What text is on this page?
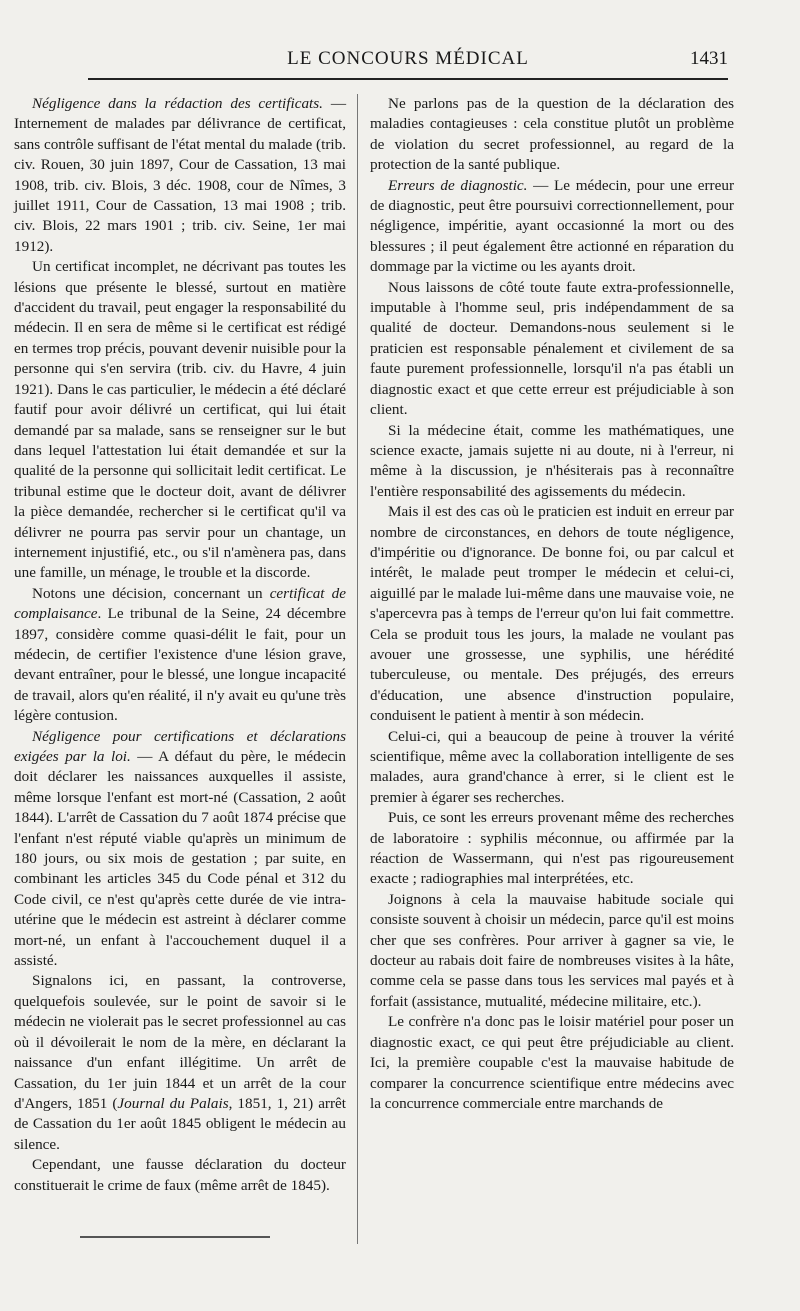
LE CONCOURS MÉDICAL	1431

Négligence dans la rédaction des certificats. — Internement de malades par délivrance de certificat, sans contrôle suffisant de l'état mental du malade (trib. civ. Rouen, 30 juin 1897, Cour de Cassation, 13 mai 1908, trib. civ. Blois, 3 déc. 1908, cour de Nîmes, 3 juillet 1911, Cour de Cassation, 13 mai 1908 ; trib. civ. Blois, 22 mars 1901 ; trib. civ. Seine, 1er mai 1912).

Un certificat incomplet, ne décrivant pas toutes les lésions que présente le blessé, surtout en matière d'accident du travail, peut engager la responsabilité du médecin. Il en sera de même si le certificat est rédigé en termes trop précis, pouvant devenir nuisible pour la personne qui s'en servira (trib. civ. du Havre, 4 juin 1921). Dans le cas particulier, le médecin a été déclaré fautif pour avoir délivré un certificat, qui lui était demandé par sa malade, sans se renseigner sur le but dans lequel l'attestation lui était demandée et sur la qualité de la personne qui sollicitait ledit certificat. Le tribunal estime que le docteur doit, avant de délivrer la pièce demandée, rechercher si le certificat qu'il va délivrer ne pourra pas servir pour un chantage, un internement injustifié, etc., ou s'il n'amènera pas, dans une famille, un ménage, le trouble et la discorde.

Notons une décision, concernant un certificat de complaisance. Le tribunal de la Seine, 24 décembre 1897, considère comme quasi-délit le fait, pour un médecin, de certifier l'existence d'une lésion grave, devant entraîner, pour le blessé, une longue incapacité de travail, alors qu'en réalité, il n'y avait eu qu'une très légère contusion.

Négligence pour certifications et déclarations exigées par la loi. — A défaut du père, le médecin doit déclarer les naissances auxquelles il assiste, même lorsque l'enfant est mort-né (Cassation, 2 août 1844). L'arrêt de Cassation du 7 août 1874 précise que l'enfant n'est réputé viable qu'après un minimum de 180 jours, ou six mois de gestation ; par suite, en combinant les articles 345 du Code pénal et 312 du Code civil, ce n'est qu'après cette durée de vie intra-utérine que le médecin est astreint à déclarer comme mort-né, un enfant à l'accouchement duquel il a assisté.

Signalons ici, en passant, la controverse, quelquefois soulevée, sur le point de savoir si le médecin ne violerait pas le secret professionnel au cas où il dévoilerait le nom de la mère, en déclarant la naissance d'un enfant illégitime. Un arrêt de Cassation, du 1er juin 1844 et un arrêt de la cour d'Angers, 1851 (Journal du Palais, 1851, 1, 21) arrêt de Cassation du 1er août 1845 obligent le médecin au silence.

Cependant, une fausse déclaration du docteur constituerait le crime de faux (même arrêt de 1845).

Ne parlons pas de la question de la déclaration des maladies contagieuses : cela constitue plutôt un problème de violation du secret professionnel, au regard de la protection de la santé publique.

Erreurs de diagnostic. — Le médecin, pour une erreur de diagnostic, peut être poursuivi correctionnellement, pour négligence, impéritie, ayant occasionné la mort ou des blessures ; il peut également être actionné en réparation du dommage par la victime ou les ayants droit.

Nous laissons de côté toute faute extra-professionnelle, imputable à l'homme seul, pris indépendamment de sa qualité de docteur. Demandons-nous seulement si le praticien est responsable pénalement et civilement de sa faute purement professionnelle, lorsqu'il n'a pas établi un diagnostic exact et que cette erreur est préjudiciable à son client.

Si la médecine était, comme les mathématiques, une science exacte, jamais sujette ni au doute, ni à l'erreur, ni même à la discussion, je n'hésiterais pas à reconnaître l'entière responsabilité des agissements du médecin.

Mais il est des cas où le praticien est induit en erreur par nombre de circonstances, en dehors de toute négligence, d'impéritie ou d'ignorance. De bonne foi, ou par calcul et intérêt, le malade peut tromper le médecin et celui-ci, aiguillé par le malade lui-même dans une mauvaise voie, ne s'apercevra pas à temps de l'erreur qu'on lui fait commettre. Cela se produit tous les jours, la malade ne voulant pas avouer une grossesse, une syphilis, une hérédité tuberculeuse, ou mentale. Des préjugés, des erreurs d'éducation, une absence d'instruction populaire, conduisent le patient à mentir à son médecin.

Celui-ci, qui a beaucoup de peine à trouver la vérité scientifique, même avec la collaboration intelligente de ses malades, aura grand'chance à errer, si le client est le premier à égarer ses recherches.

Puis, ce sont les erreurs provenant même des recherches de laboratoire : syphilis méconnue, ou affirmée par la réaction de Wassermann, qui n'est pas rigoureusement exacte ; radiographies mal interprétées, etc.

Joignons à cela la mauvaise habitude sociale qui consiste souvent à choisir un médecin, parce qu'il est moins cher que ses confrères. Pour arriver à gagner sa vie, le docteur au rabais doit faire de nombreuses visites à la hâte, comme cela se passe dans tous les services mal payés et à forfait (assistance, mutualité, médecine militaire, etc.).

Le confrère n'a donc pas le loisir matériel pour poser un diagnostic exact, ce qui peut être préjudiciable au client. Ici, la première coupable c'est la mauvaise habitude de comparer la concurrence scientifique entre médecins avec la concurrence commerciale entre marchands de
